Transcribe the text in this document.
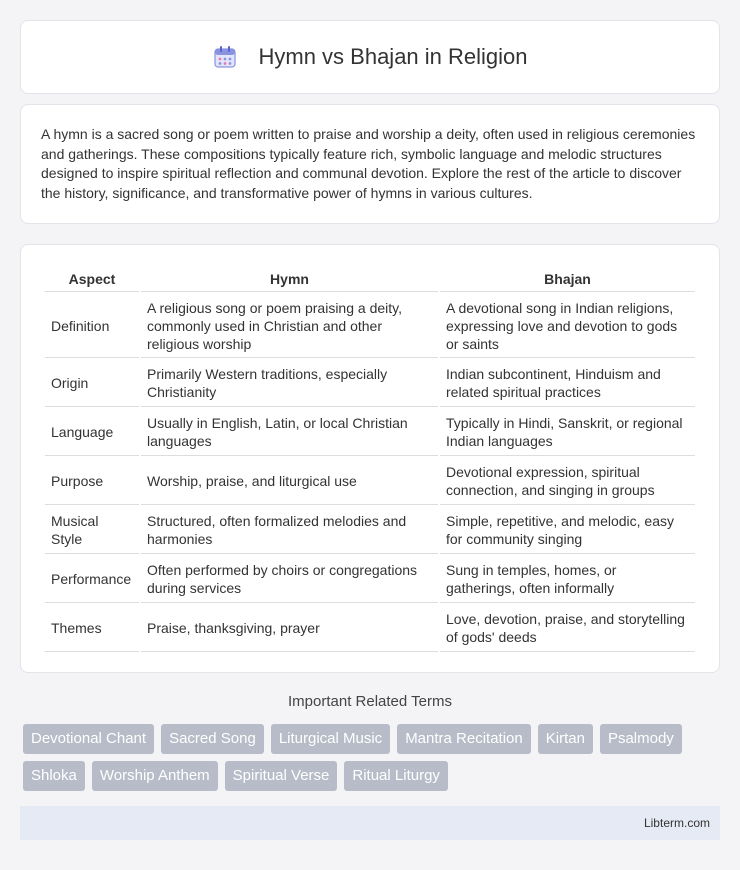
Hymn vs Bhajan in Religion

A hymn is a sacred song or poem written to praise and worship a deity, often used in religious ceremonies and gatherings. These compositions typically feature rich, symbolic language and melodic structures designed to inspire spiritual reflection and communal devotion. Explore the rest of the article to discover the history, significance, and transformative power of hymns in various cultures.

Aspect	Hymn	Bhajan
Definition	A religious song or poem praising a deity, commonly used in Christian and other religious worship	A devotional song in Indian religions, expressing love and devotion to gods or saints
Origin	Primarily Western traditions, especially Christianity	Indian subcontinent, Hinduism and related spiritual practices
Language	Usually in English, Latin, or local Christian languages	Typically in Hindi, Sanskrit, or regional Indian languages
Purpose	Worship, praise, and liturgical use	Devotional expression, spiritual connection, and singing in groups
Musical Style	Structured, often formalized melodies and harmonies	Simple, repetitive, and melodic, easy for community singing
Performance	Often performed by choirs or congregations during services	Sung in temples, homes, or gatherings, often informally
Themes	Praise, thanksgiving, prayer	Love, devotion, praise, and storytelling of gods' deeds
Important Related Terms
Devotional Chant	Sacred Song	Liturgical Music	Mantra Recitation	Kirtan	Psalmody
Shloka	Worship Anthem	Spiritual Verse	Ritual Liturgy
Libterm.com
